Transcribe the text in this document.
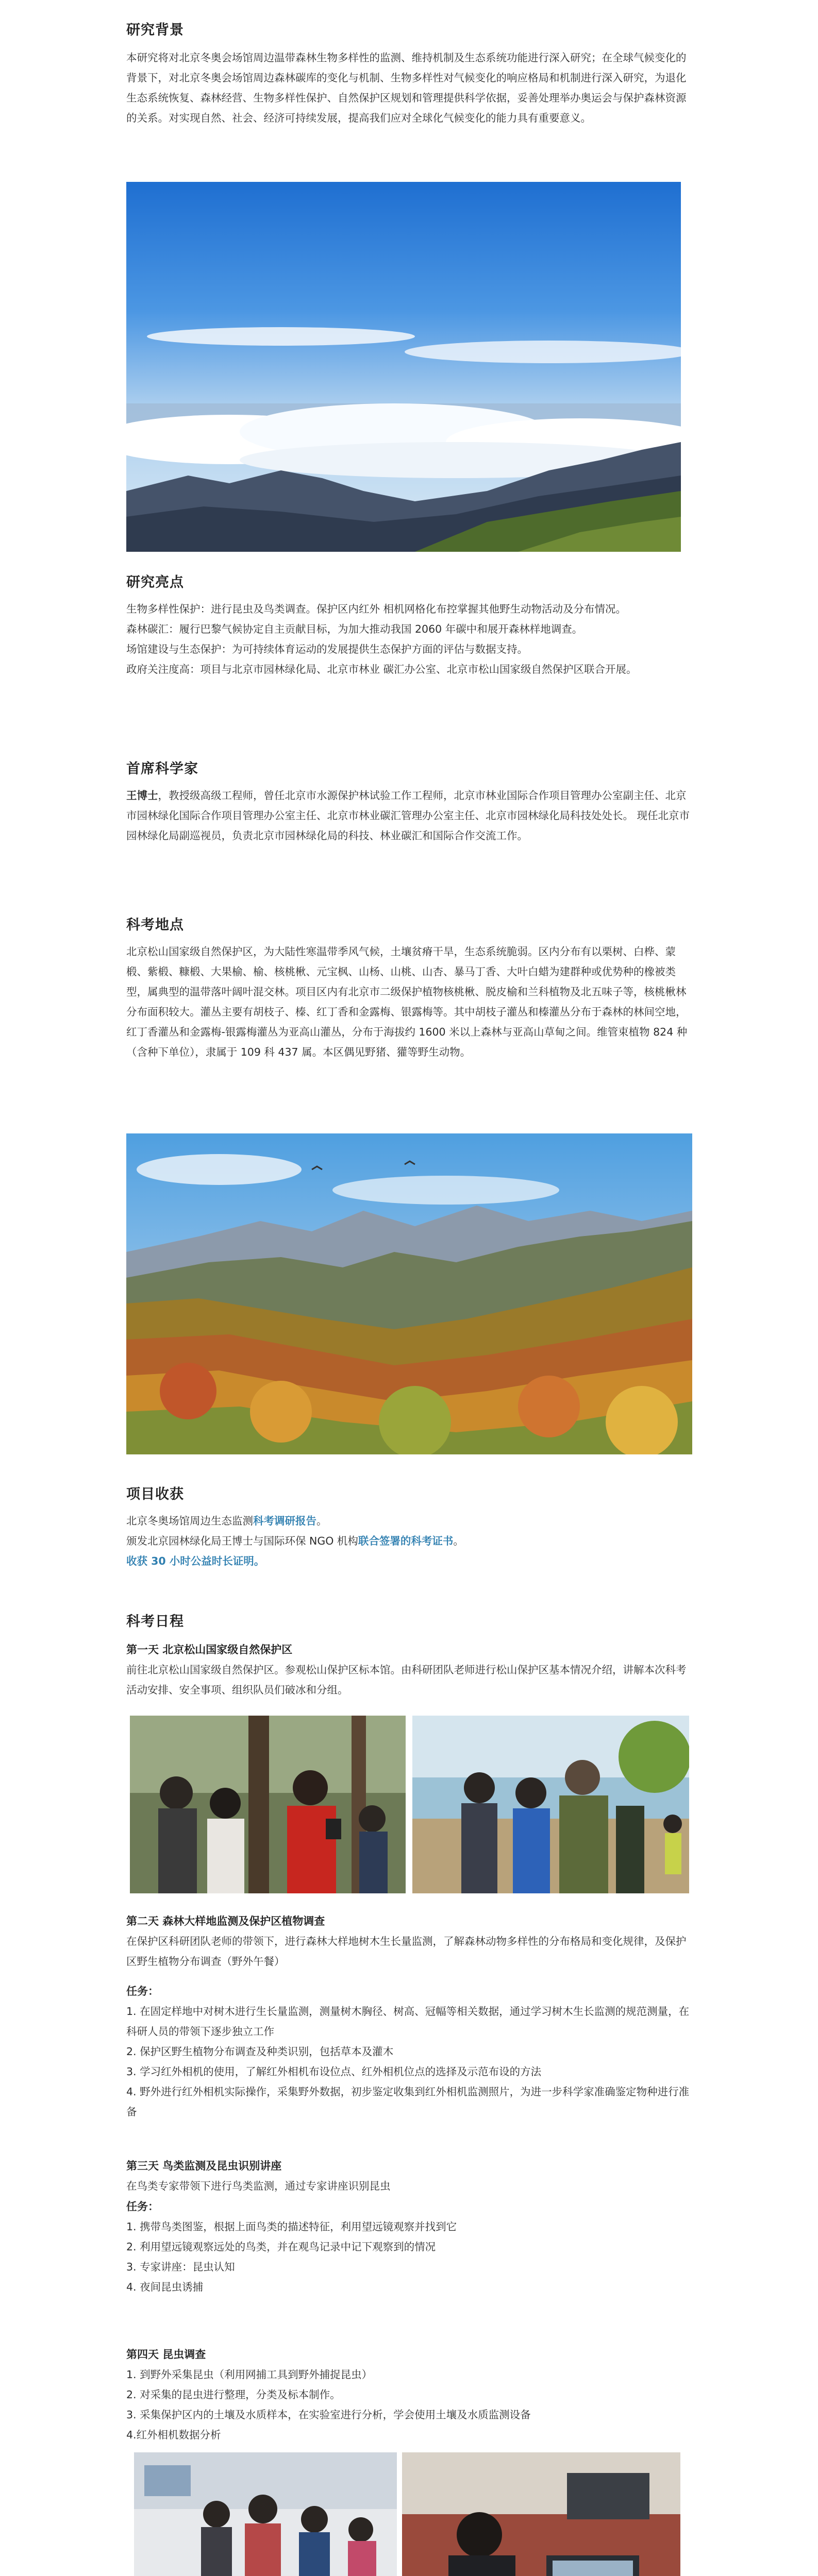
研究背景

本研究将对北京冬奥会场馆周边温带森林生物多样性的监测、维持机制及生态系统功能进行深入研究；在全球气候变化的背景下，对北京冬奥会场馆周边森林碳库的变化与机制、生物多样性对气候变化的响应格局和机制进行深入研究，为退化生态系统恢复、森林经营、生物多样性保护、自然保护区规划和管理提供科学依据，妥善处理举办奥运会与保护森林资源的关系。对实现自然、社会、经济可持续发展，提高我们应对全球化气候变化的能力具有重要意义。

研究亮点
生物多样性保护：进行昆虫及鸟类调查。保护区内红外 相机网格化布控掌握其他野生动物活动及分布情况。
森林碳汇：履行巴黎气候协定自主贡献目标，为加大推动我国 2060 年碳中和展开森林样地调查。
场馆建设与生态保护：为可持续体育运动的发展提供生态保护方面的评估与数据支持。
政府关注度高：项目与北京市园林绿化局、北京市林业 碳汇办公室、北京市松山国家级自然保护区联合开展。
首席科学家

王博士，教授级高级工程师，曾任北京市水源保护林试验工作工程师，北京市林业国际合作项目管理办公室副主任、北京市园林绿化国际合作项目管理办公室主任、北京市林业碳汇管理办公室主任、北京市园林绿化局科技处处长。 现任北京市园林绿化局副巡视员，负责北京市园林绿化局的科技、林业碳汇和国际合作交流工作。

科考地点

北京松山国家级自然保护区，为大陆性寒温带季风气候，土壤贫瘠干旱，生态系统脆弱。区内分布有以栗树、白桦、蒙椴、紫椴、糠椴、大果榆、榆、核桃楸、元宝枫、山杨、山桃、山杏、暴马丁香、大叶白蜡为建群种或优势种的橡被类型，属典型的温带落叶阔叶混交林。项目区内有北京市二级保护植物核桃楸、脱皮榆和兰科植物及北五味子等，核桃楸林分布面积较大。灌丛主要有胡枝子、榛、红丁香和金露梅、银露梅等。其中胡枝子灌丛和榛灌丛分布于森林的林间空地，红丁香灌丛和金露梅-银露梅灌丛为亚高山灌丛，分布于海拔约 1600 米以上森林与亚高山草甸之间。维管束植物 824 种（含种下单位），隶属于 109 科 437 属。本区偶见野猪、獾等野生动物。

项目收获
北京冬奥场馆周边生态监测科考调研报告。
颁发北京园林绿化局王博士与国际环保 NGO 机构联合签署的科考证书。
收获 30 小时公益时长证明。
科考日程
第一天 北京松山国家级自然保护区

前往北京松山国家级自然保护区。参观松山保护区标本馆。由科研团队老师进行松山保护区基本情况介绍，讲解本次科考活动安排、安全事项、组织队员们破冰和分组。

第二天 森林大样地监测及保护区植物调查

在保护区科研团队老师的带领下，进行森林大样地树木生长量监测，了解森林动物多样性的分布格局和变化规律，及保护区野生植物分布调查（野外午餐）

任务：
1. 在固定样地中对树木进行生长量监测，测量树木胸径、树高、冠幅等相关数据，通过学习树木生长监测的规范测量，在科研人员的带领下逐步独立工作
2. 保护区野生植物分布调查及种类识别，包括草本及灌木
3. 学习红外相机的使用，了解红外相机布设位点、红外相机位点的选择及示范布设的方法
4. 野外进行红外相机实际操作，采集野外数据，初步鉴定收集到红外相机监测照片，为进一步科学家准确鉴定物种进行准备
第三天 鸟类监测及昆虫识别讲座
在鸟类专家带领下进行鸟类监测，通过专家讲座识别昆虫
任务：
1. 携带鸟类图鉴，根据上面鸟类的描述特征，利用望远镜观察并找到它
2. 利用望远镜观察远处的鸟类，并在观鸟记录中记下观察到的情况
3. 专家讲座：昆虫认知
4. 夜间昆虫诱捕
第四天 昆虫调查
1. 到野外采集昆虫（利用网捕工具到野外捕捉昆虫）
2. 对采集的昆虫进行整理，分类及标本制作。
3. 采集保护区内的土壤及水质样本，在实验室进行分析，学会使用土壤及水质监测设备
4.红外相机数据分析
